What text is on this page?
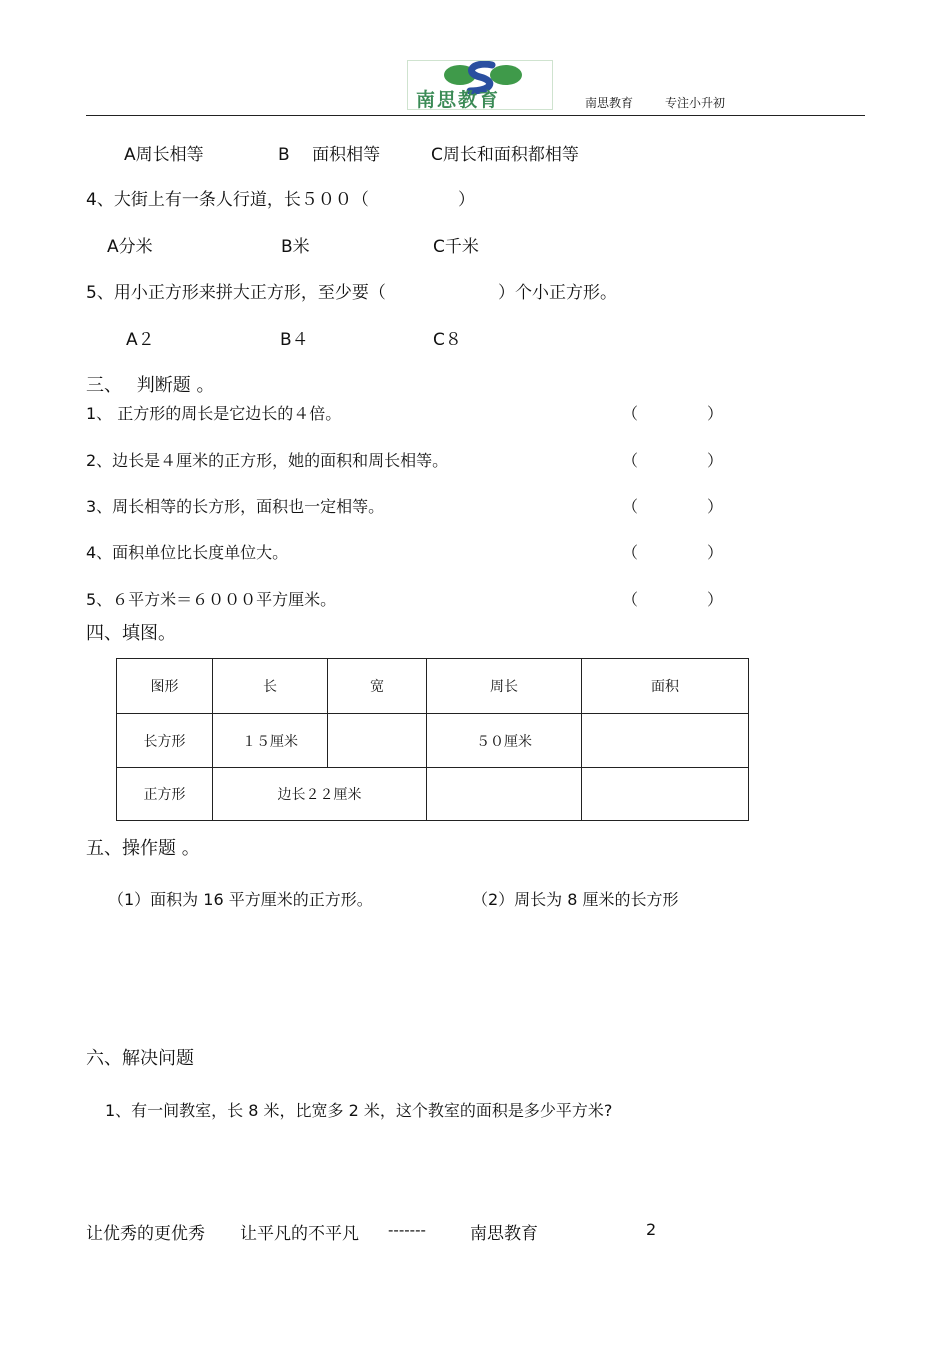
南思教育	南思教育	专注小升初
A周长相等	B　 面积相等	C周长和面积都相等
4、大街上有一条人行道，长５００（	）
A分米	B米	C千米
5、用小正方形来拼大正方形，至少要（	）个小正方形。
A２	B４	C８
三、　 判断题 。
1、 正方形的周长是它边长的４倍。	（	）
2、边长是４厘米的正方形，她的面积和周长相等。	（	）
3、周长相等的长方形，面积也一定相等。	（	）
4、面积单位比长度单位大。	（	）
5、６平方米＝６０００平方厘米。	（	）
四、填图。
图形	长	宽	周长	面积
长方形	１５厘米		５０厘米	
正方形	边长２２厘米			
五、操作题 。
（1）面积为 16 平方厘米的正方形。	（2）周长为 8 厘米的长方形
六、解决问题
1、有一间教室，长 8 米，比宽多 2 米，这个教室的面积是多少平方米?
让优秀的更优秀 让平凡的不平凡 -------	南思教育	2
